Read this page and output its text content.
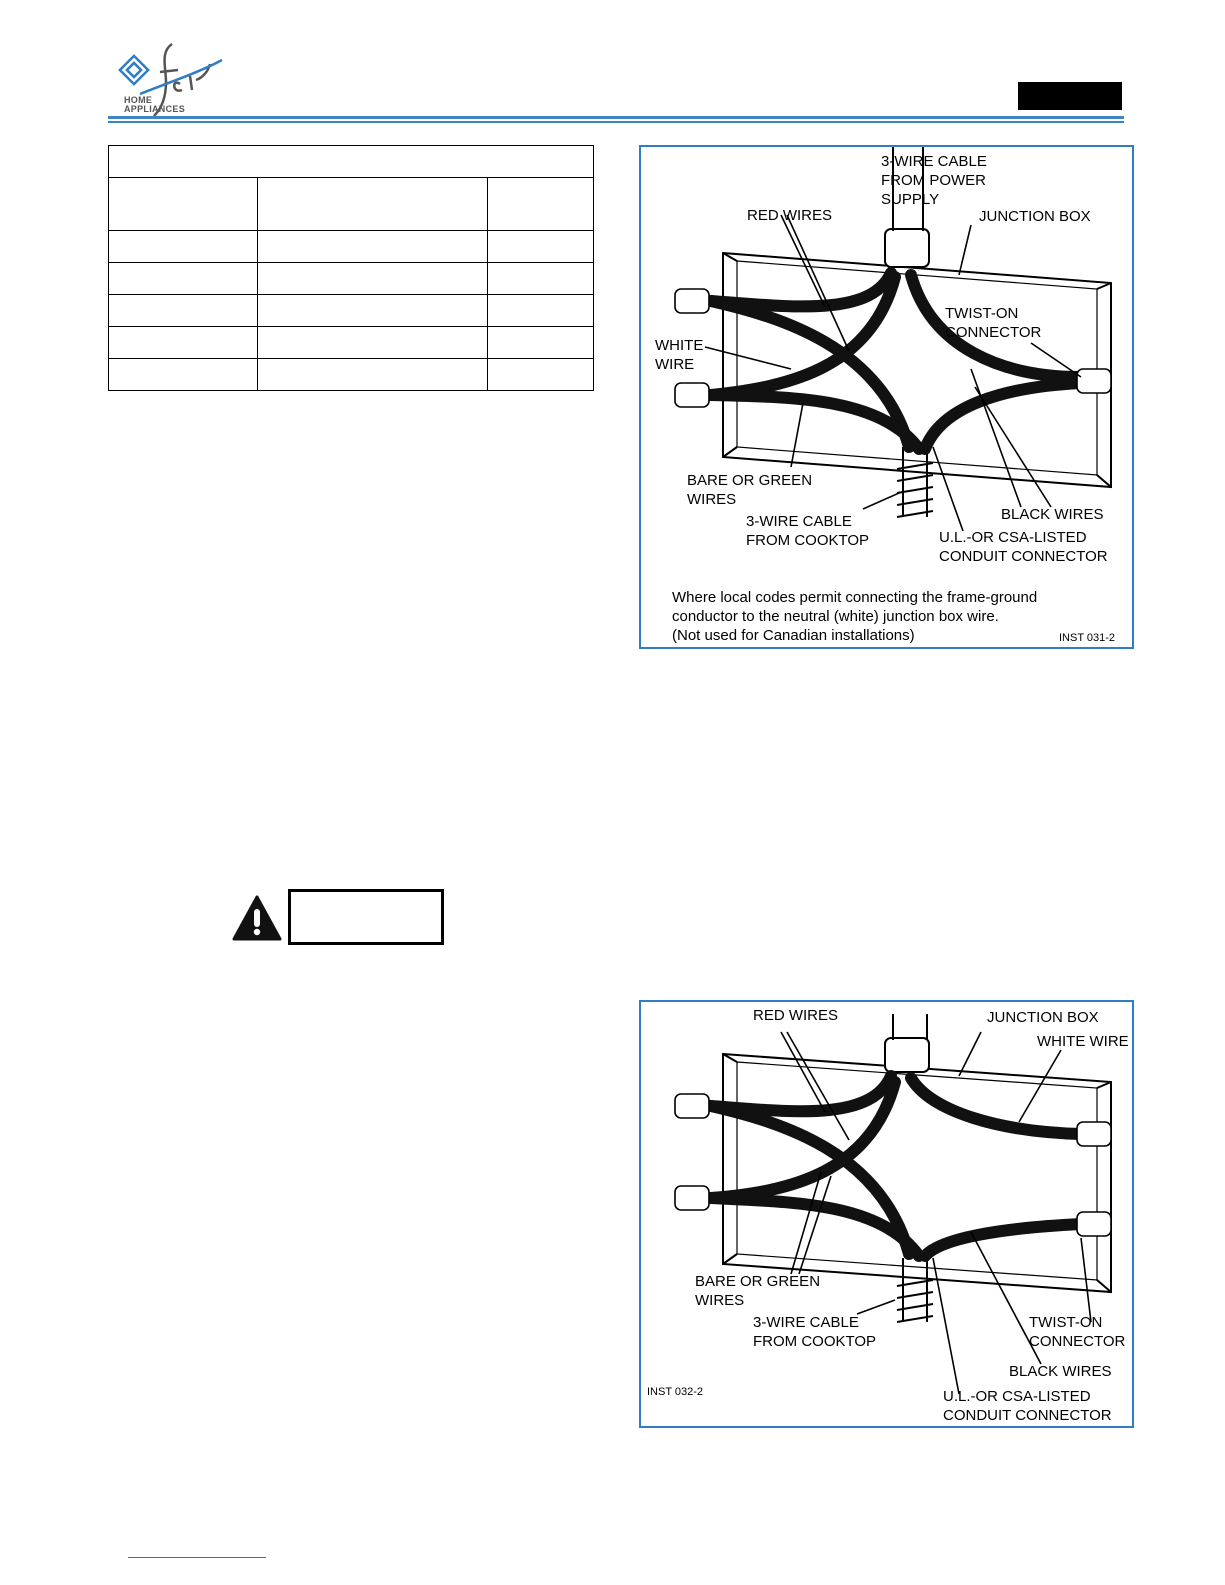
HOME
APPLIANCES
3-WIRE CABLE
FROM POWER
SUPPLY
RED WIRES	JUNCTION BOX
TWIST-ON
CONNECTOR
WHITE
WIRE
BARE OR GREEN
WIRES
BLACK WIRES
3-WIRE CABLE
FROM COOKTOP	U.L.-OR CSA-LISTED
CONDUIT CONNECTOR
Where local codes permit connecting the frame-ground
conductor to the neutral (white) junction box wire.
(Not used for Canadian installations)	INST 031-2
RED WIRES	JUNCTION BOX
WHITE WIRE
BARE OR GREEN
WIRES
3-WIRE CABLE
FROM COOKTOP
TWIST-ON
CONNECTOR
BLACK WIRES
INST 032-2	U.L.-OR CSA-LISTED
CONDUIT CONNECTOR
